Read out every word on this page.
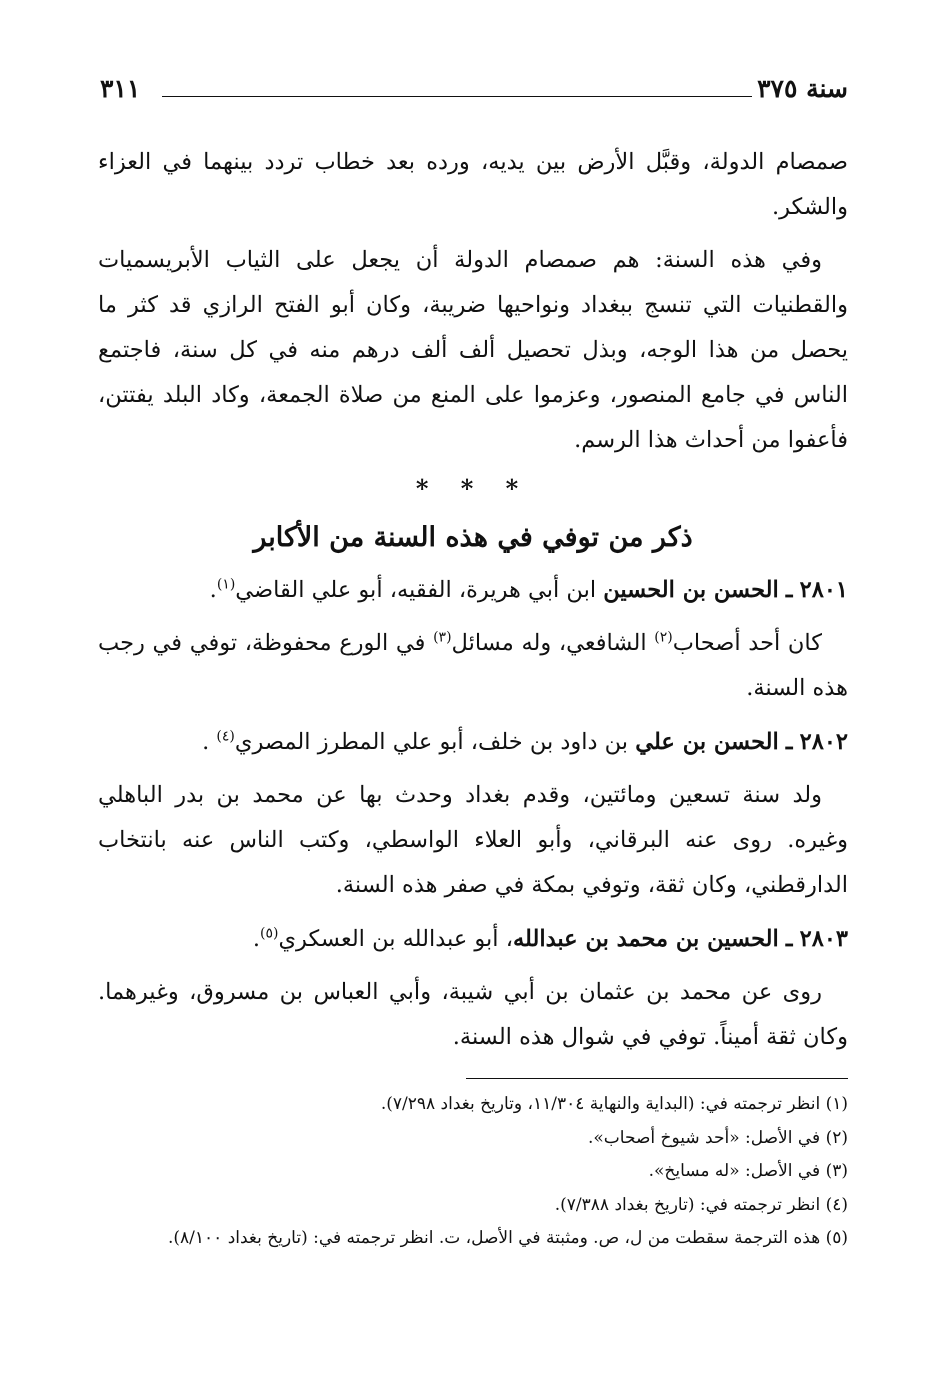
سنة ٣٧٥
٣١١

صمصام الدولة، وقبَّل الأرض بين يديه، ورده بعد خطاب تردد بينهما في العزاء والشكر.

وفي هذه السنة: هم صمصام الدولة أن يجعل على الثياب الأبريسميات والقطنيات التي تنسج ببغداد ونواحيها ضريبة، وكان أبو الفتح الرازي قد كثر ما يحصل من هذا الوجه، وبذل تحصيل ألف ألف درهم منه في كل سنة، فاجتمع الناس في جامع المنصور، وعزموا على المنع من صلاة الجمعة، وكاد البلد يفتتن، فأعفوا من أحداث هذا الرسم.

* * *
ذكر من توفي في هذه السنة من الأكابر
٢٨٠١ ـ الحسن بن الحسين ابن أبي هريرة، الفقيه، أبو علي القاضي$^{(١)}$.

كان أحد أصحاب$^{(٢)}$ الشافعي، وله مسائل$^{(٣)}$ في الورع محفوظة، توفي في رجب هذه السنة.

٢٨٠٢ ـ الحسن بن علي بن داود بن خلف، أبو علي المطرز المصري$^{(٤)}$ .

ولد سنة تسعين ومائتين، وقدم بغداد وحدث بها عن محمد بن بدر الباهلي وغيره. روى عنه البرقاني، وأبو العلاء الواسطي، وكتب الناس عنه بانتخاب الدارقطني، وكان ثقة، وتوفي بمكة في صفر هذه السنة.

٢٨٠٣ ـ الحسين بن محمد بن عبدالله، أبو عبدالله بن العسكري$^{(٥)}$.

روى عن محمد بن عثمان بن أبي شيبة، وأبي العباس بن مسروق، وغيرهما. وكان ثقة أميناً. توفي في شوال هذه السنة.

(١) انظر ترجمته في: (البداية والنهاية ١١/٣٠٤، وتاريخ بغداد ٧/٢٩٨).
(٢) في الأصل: «أحد شيوخ أصحاب».
(٣) في الأصل: «له مسايخ».
(٤) انظر ترجمته في: (تاريخ بغداد ٧/٣٨٨).
(٥) هذه الترجمة سقطت من ل، ص. ومثبتة في الأصل، ت. انظر ترجمته في: (تاريخ بغداد ٨/١٠٠).
